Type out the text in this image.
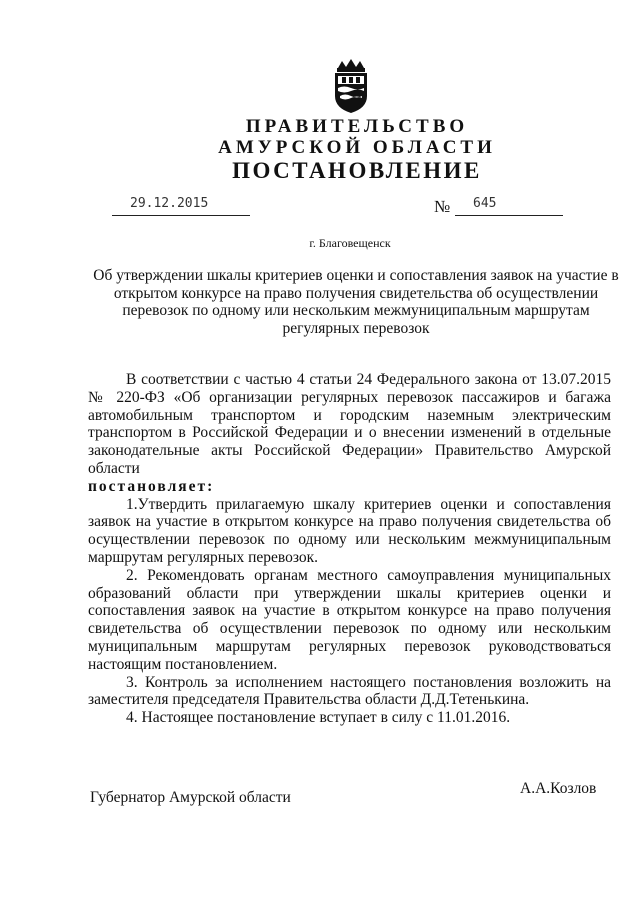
ПРАВИТЕЛЬСТВО
АМУРСКОЙ ОБЛАСТИ
ПОСТАНОВЛЕНИЕ
29.12.2015	№ 645
г. Благовещенск
Об утверждении шкалы критериев оценки и сопоставления заявок на участие в открытом конкурсе на право получения свидетельства об осуществлении перевозок по одному или нескольким межмуниципальным маршрутам регулярных перевозок

В соответствии с частью 4 статьи 24 Федерального закона от 13.07.2015 № 220-ФЗ «Об организации регулярных перевозок пассажиров и багажа автомобильным транспортом и городским наземным электрическим транспортом в Российской Федерации и о внесении изменений в отдельные законодательные акты Российской Федерации» Правительство Амурской области

постановляет:

1.Утвердить прилагаемую шкалу критериев оценки и сопоставления заявок на участие в открытом конкурсе на право получения свидетельства об осуществлении перевозок по одному или нескольким межмуниципальным маршрутам регулярных перевозок.

2. Рекомендовать органам местного самоуправления муниципальных образований области при утверждении шкалы критериев оценки и сопоставления заявок на участие в открытом конкурсе на право получения свидетельства об осуществлении перевозок по одному или нескольким муниципальным маршрутам регулярных перевозок руководствоваться настоящим постановлением.

3. Контроль за исполнением настоящего постановления возложить на заместителя председателя Правительства области Д.Д.Тетенькина.

4. Настоящее постановление вступает в силу с 11.01.2016.

Губернатор Амурской области
А.А.Козлов
